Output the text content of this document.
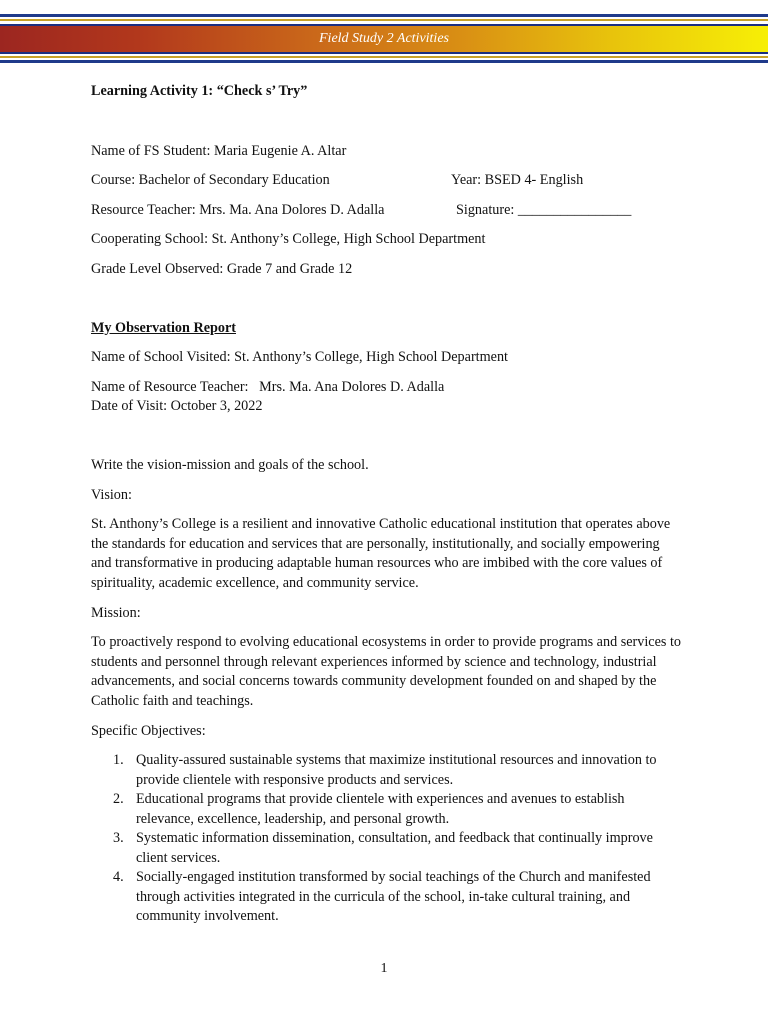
Field Study 2 Activities
Learning Activity 1: “Check s’ Try”
Name of FS Student: Maria Eugenie A. Altar
Course: Bachelor of Secondary Education	Year: BSED 4- English
Resource Teacher: Mrs. Ma. Ana Dolores D. Adalla	Signature: ________________
Cooperating School: St. Anthony’s College, High School Department
Grade Level Observed: Grade 7 and Grade 12
My Observation Report
Name of School Visited: St. Anthony’s College, High School Department
Name of Resource Teacher:   Mrs. Ma. Ana Dolores D. Adalla
Date of Visit: October 3, 2022
Write the vision-mission and goals of the school.
Vision:
St. Anthony’s College is a resilient and innovative Catholic educational institution that operates above the standards for education and services that are personally, institutionally, and socially empowering and transformative in producing adaptable human resources who are imbibed with the core values of spirituality, academic excellence, and community service.
Mission:
To proactively respond to evolving educational ecosystems in order to provide programs and services to students and personnel through relevant experiences informed by science and technology, industrial advancements, and social concerns towards community development founded on and shaped by the Catholic faith and teachings.
Specific Objectives:
1. Quality-assured sustainable systems that maximize institutional resources and innovation to provide clientele with responsive products and services.
2. Educational programs that provide clientele with experiences and avenues to establish relevance, excellence, leadership, and personal growth.
3. Systematic information dissemination, consultation, and feedback that continually improve client services.
4. Socially-engaged institution transformed by social teachings of the Church and manifested through activities integrated in the curricula of the school, in-take cultural training, and community involvement.
1
